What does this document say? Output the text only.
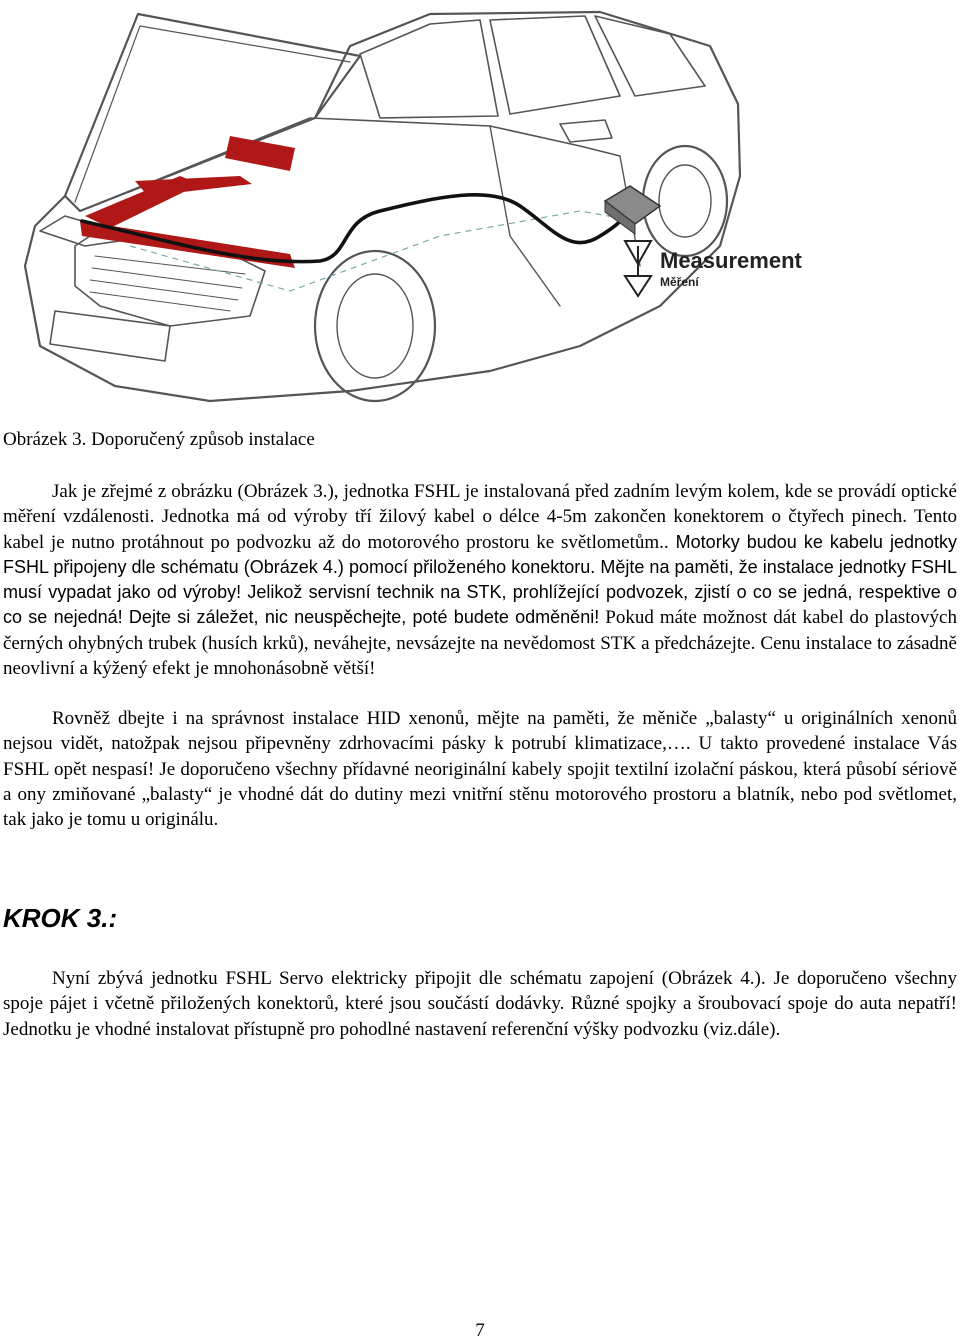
Measurement
Měření
Obrázek 3. Doporučený způsob instalace

Jak je zřejmé z obrázku (Obrázek 3.), jednotka FSHL je instalovaná před zadním levým kolem, kde se provádí optické měření vzdálenosti. Jednotka má od výroby tří žilový kabel o délce 4-5m zakončen konektorem o čtyřech pinech. Tento kabel je nutno protáhnout po podvozku až do motorového prostoru ke světlometům.. Motorky budou ke kabelu jednotky FSHL připojeny dle schématu (Obrázek 4.) pomocí přiloženého konektoru. Mějte na paměti, že instalace jednotky FSHL musí vypadat jako od výroby! Jelikož servisní technik na STK, prohlížející podvozek, zjistí o co se jedná, respektive o co se nejedná! Dejte si záležet, nic neuspěchejte, poté budete odměněni! Pokud máte možnost dát kabel do plastových černých ohybných trubek (husích krků), neváhejte, nevsázejte na nevědomost STK a předcházejte. Cenu instalace to zásadně neovlivní a kýžený efekt je mnohonásobně větší!

Rovněž dbejte i na správnost instalace HID xenonů, mějte na paměti, že měniče „balasty“ u originálních xenonů nejsou vidět, natožpak nejsou připevněny zdrhovacími pásky k potrubí klimatizace,…. U takto provedené instalace Vás FSHL opět nespasí! Je doporučeno všechny přídavné neoriginální kabely spojit textilní izolační páskou, která působí sériově a ony zmiňované „balasty“ je vhodné dát do dutiny mezi vnitřní stěnu motorového prostoru a blatník, nebo pod světlomet, tak jako je tomu u originálu.

KROK 3.:

Nyní zbývá jednotku FSHL Servo elektricky připojit dle schématu zapojení (Obrázek 4.). Je doporučeno všechny spoje pájet i včetně přiložených konektorů, které jsou součástí dodávky. Různé spojky a šroubovací spoje do auta nepatří! Jednotku je vhodné instalovat přístupně pro pohodlné nastavení referenční výšky podvozku (viz.dále).

7
